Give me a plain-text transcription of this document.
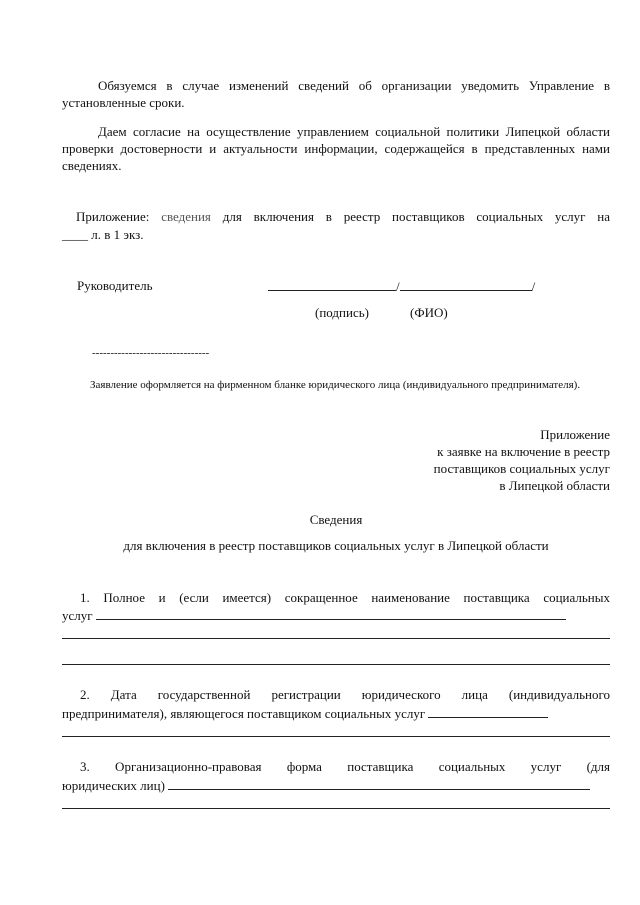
Обязуемся в случае изменений сведений об организации уведомить Управление в установленные сроки.
Даем согласие на осуществление управлением социальной политики Липецкой области проверки достоверности и актуальности информации, содержащейся в представленных нами сведениях.
Приложение: сведения для включения в реестр поставщиков социальных услуг на
____ л. в 1 экз.
Руководитель	/	/
(подпись)	(ФИО)
--------------------------------
Заявление оформляется на фирменном бланке юридического лица (индивидуального предпринимателя).
Приложение
к заявке на включение в реестр
поставщиков социальных услуг
в Липецкой области
Сведения
для включения в реестр поставщиков социальных услуг в Липецкой области
1. Полное и (если имеется) сокращенное наименование поставщика социальных
услуг
2. Дата государственной регистрации юридического лица (индивидуального
предпринимателя), являющегося поставщиком социальных услуг
3. Организационно-правовая форма поставщика социальных услуг (для
юридических лиц)
